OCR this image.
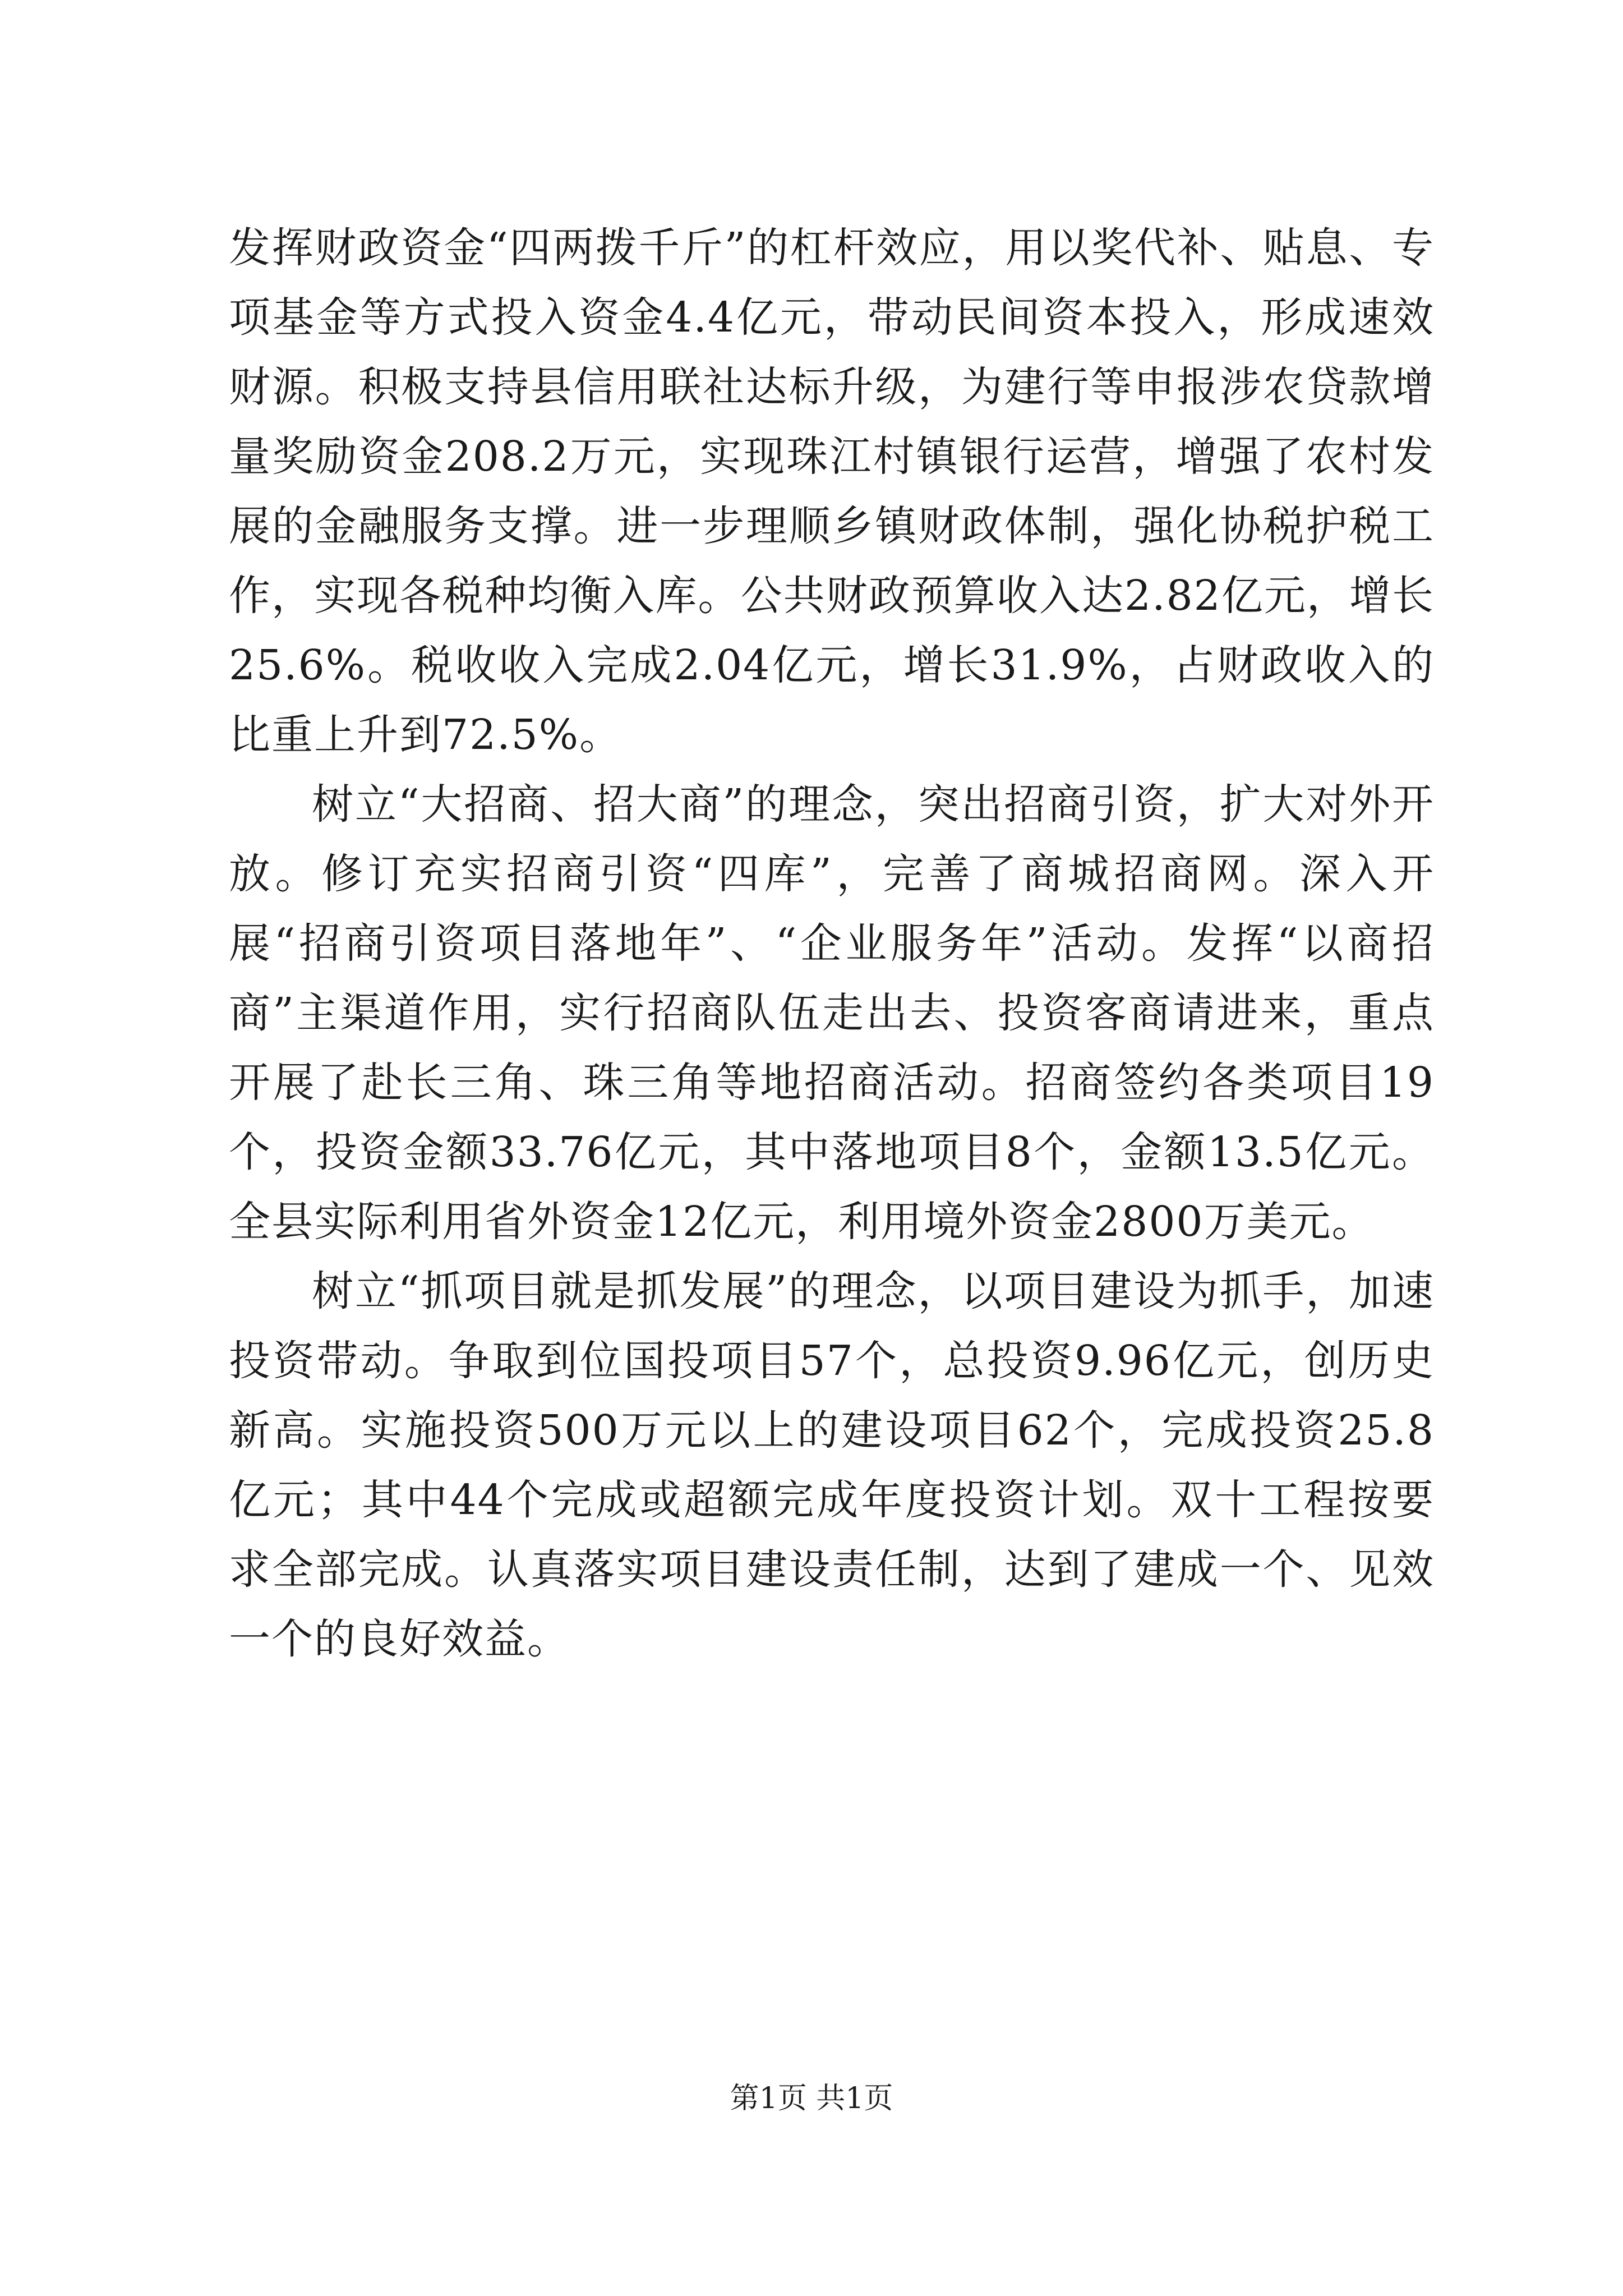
发挥财政资金“四两拨千斤”的杠杆效应，用以奖代补、贴息、专项基金等方式投入资金4.4亿元，带动民间资本投入，形成速效财源。积极支持县信用联社达标升级，为建行等申报涉农贷款增量奖励资金208.2万元，实现珠江村镇银行运营，增强了农村发展的金融服务支撑。进一步理顺乡镇财政体制，强化协税护税工作，实现各税种均衡入库。公共财政预算收入达2.82亿元，增长25.6%。税收收入完成2.04亿元，增长31.9%，占财政收入的比重上升到72.5%。

树立“大招商、招大商”的理念，突出招商引资，扩大对外开放。修订充实招商引资“四库”，完善了商城招商网。深入开展“招商引资项目落地年”、“企业服务年”活动。发挥“以商招商”主渠道作用，实行招商队伍走出去、投资客商请进来，重点开展了赴长三角、珠三角等地招商活动。招商签约各类项目19个，投资金额33.76亿元，其中落地项目8个，金额13.5亿元。全县实际利用省外资金12亿元，利用境外资金2800万美元。

树立“抓项目就是抓发展”的理念，以项目建设为抓手，加速投资带动。争取到位国投项目57个，总投资9.96亿元，创历史新高。实施投资500万元以上的建设项目62个，完成投资25.8亿元；其中44个完成或超额完成年度投资计划。双十工程按要求全部完成。认真落实项目建设责任制，达到了建成一个、见效一个的良好效益。

第1页 共1页
